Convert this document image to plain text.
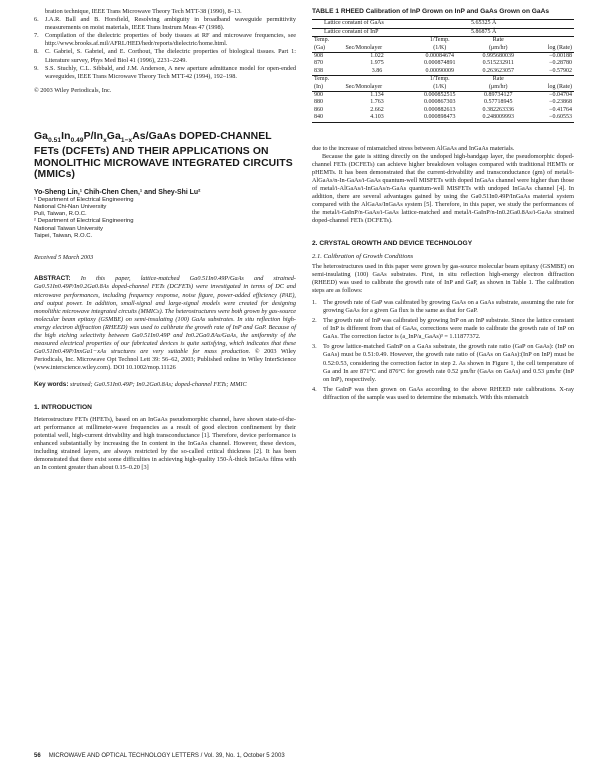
bration technique, IEEE Trans Microwave Theory Tech MTT-38 (1990), 8–13.
6. J.A.R. Ball and B. Horsfield, Resolving ambiguity in broadband waveguide permittivity measurements on moist materials, IEEE Trans Instrum Meas 47 (1998).
7. Compilation of the dielectric properties of body tissues at RF and microwave frequencies, see http://www.brooks.af.mil/AFRL/HED/hedr/reports/dielectric/home.html.
8. C. Gabriel, S. Gabriel, and E. Corthout, The dielectric properties of biological tissues. Part 1: Literature survey, Phys Med Biol 41 (1996), 2231–2249.
9. S.S. Stuchly, C.L. Sibbald, and J.M. Anderson, A new aperture admittance model for open-ended waveguides, IEEE Trans Microwave Theory Tech MTT-42 (1994), 192–198.

© 2003 Wiley Periodicals, Inc.

$Ga_{0.51}In_{0.49}P/In_xGa_{1-x}As$/GaAs DOPED-CHANNEL FETs (DCFETs) AND THEIR APPLICATIONS ON MONOLITHIC MICROWAVE INTEGRATED CIRCUITS (MMICs)

Yo-Sheng Lin,¹ Chih-Chen Chen,¹ and Shey-Shi Lu²

¹ Department of Electrical Engineering

National Chi-Nan University

Puli, Taiwan, R.O.C.

² Department of Electrical Engineering

National Taiwan University

Taipei, Taiwan, R.O.C.

Received 5 March 2003

ABSTRACT: In this paper, lattice-matched Ga0.51In0.49P/GaAs and strained-Ga0.51In0.49P/In0.2Ga0.8As doped-channel FETs (DCFETs) were investigated in terms of DC and microwave performances, including frequency response, noise figure, power-added efficiency (PAE), and output power. In addition, small-signal and large-signal models were created for designing monolithic microwave integrated circuits (MMICs). The heterostructures were both grown by gas-source molecular beam epitaxy (GSMBE) on semi-insulating (100) GaAs substrates. In situ reflection high-energy electron diffraction (RHEED) was used to calibrate the growth rate of InP and GaP. Because of the high etching selectivity between Ga0.51In0.49P and In0.2Ga0.8As/GaAs, the uniformity of the measured electrical properties of our fabricated devices is quite satisfying, which indicates that these Ga0.51In0.49P/InxGa1−xAs structures are very suitable for mass production. © 2003 Wiley Periodicals, Inc. Microwave Opt Technol Lett 39: 56–62, 2003; Published online in Wiley InterScience (www.interscience.wiley.com). DOI 10.1002/mop.11126

Key words: strained; Ga0.51In0.49P; In0.2Ga0.8As; doped-channel FETs; MMIC

1. INTRODUCTION

Heterostructure FETs (HFETs), based on an InGaAs pseudomorphic channel, have shown state-of-the-art performance at millimeter-wave frequencies as a result of good electron confinement by their potential well, high-current drivability and high transconductance [1]. Therefore, device performance is enhanced substantially by increasing the In content in the InGaAs channel. However, these devices, including strained layers, are always restricted by the so-called critical thickness [2]. It has been demonstrated that there exist some difficulties in achieving high-quality 150-Å-thick InGaAs films with an In content greater than about 0.15–0.20 [3]

TABLE 1 RHEED Calibration of InP Grown on InP and GaAs Grown on GaAs
Lattice constant of GaAs			5.65325 Å	
Lattice constant of InP			5.86875 Å	
Temp.		1/Temp.	Rate	
(Ga)	Sec/Monolayer	(1/K)	(μm/hr)	log (Rate)
908	1.022	0.00084674	0.995680039	−0.00188
870	1.975	0.000874891	0.515232911	−0.28780
838	3.86	0.00090009	0.263623057	−0.57902
Temp.		1/Temp.	Rate	
(In)	Sec/Monolayer	(1/K)	(μm/hr)	log (Rate)
900	1.134	0.000852515	0.89734127	−0.04704
880	1.763	0.000867303	0.57718945	−0.23868
860	2.662	0.000882613	0.382263336	−0.41764
840	4.103	0.000898473	0.248009993	−0.60553

due to the increase of mismatched stress between AlGaAs and InGaAs materials.

Because the gate is sitting directly on the undoped high-bandgap layer, the pseudomorphic doped-channel FETs (DCFETs) can achieve higher breakdown voltages compared with traditional HEMTs or pHEMTs. It has been demonstrated that the current-drivability and transconductance (gm) of metal/i-AlGaAs/n-In-GaAs/i-GaAs quantum-well MISFETs with doped InGaAs channel were higher than those of metal/i-AlGaAs/i-InGaAs/n-GaAs quantum-well MISFETs with undoped InGaAs channel [4]. In addition, there are several advantages gained by using the Ga0.51In0.49P/InGaAs material system compared with the AlGaAs/InGaAs system [5]. Therefore, in this paper, we study the performances of the metal/i-GaInP/n-GaAs/i-GaAs lattice-matched and metal/i-GaInP/n-In0.2Ga0.8As/i-GaAs strained doped-channel FETs (DCFETs).

2. CRYSTAL GROWTH AND DEVICE TECHNOLOGY

2.1. Calibration of Growth Conditions

The heterostructures used in this paper were grown by gas-source molecular beam epitaxy (GSMBE) on semi-insulating (100) GaAs substrates. First, in situ reflection high-energy electron diffraction (RHEED) was used to calibrate the growth rate of InP and GaP, as shown in Table 1. The calibration steps are as follows:

1. The growth rate of GaP was calibrated by growing GaAs on a GaAs substrate, assuming the rate for growing GaAs for a given Ga flux is the same as that for GaP.
2. The growth rate of InP was calibrated by growing InP on an InP substrate. Since the lattice constant of InP is different from that of GaAs, corrections were made to calibrate the growth rate of InP on GaAs. The correction factor is (a_InP/a_GaAs)³ = 1.11877372.
3. To grow lattice-matched GaInP on a GaAs substrate, the growth rate ratio (GaP on GaAs): (InP on GaAs) must be 0.51:0.49. However, the growth rate ratio of (GaAs on GaAs):(InP on InP) must be 0.52:0.53, considering the correction factor in step 2. As shown in Figure 1, the cell temperature of Ga and In are 871°C and 876°C for growth rate 0.52 μm/hr (GaAs on GaAs) and 0.53 μm/hr (InP on InP), respectively.
4. The GaInP was then grown on GaAs according to the above RHEED rate calibrations. X-ray diffraction of the sample was used to determine the mismatch. With this mismatch
56 MICROWAVE AND OPTICAL TECHNOLOGY LETTERS / Vol. 39, No. 1, October 5 2003
